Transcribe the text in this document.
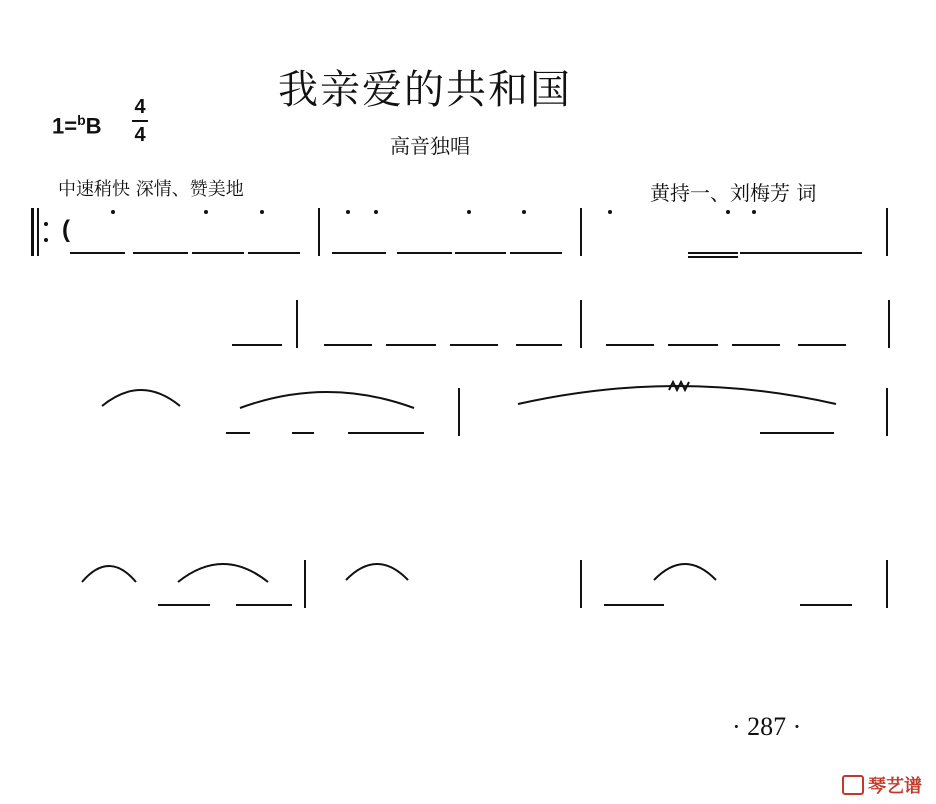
我亲爱的共和国
高音独唱
1=$^b$B
4
4
中速稍快 深情、赞美地	黄持一、刘梅芳 词
(
· 287 ·
琴艺谱
